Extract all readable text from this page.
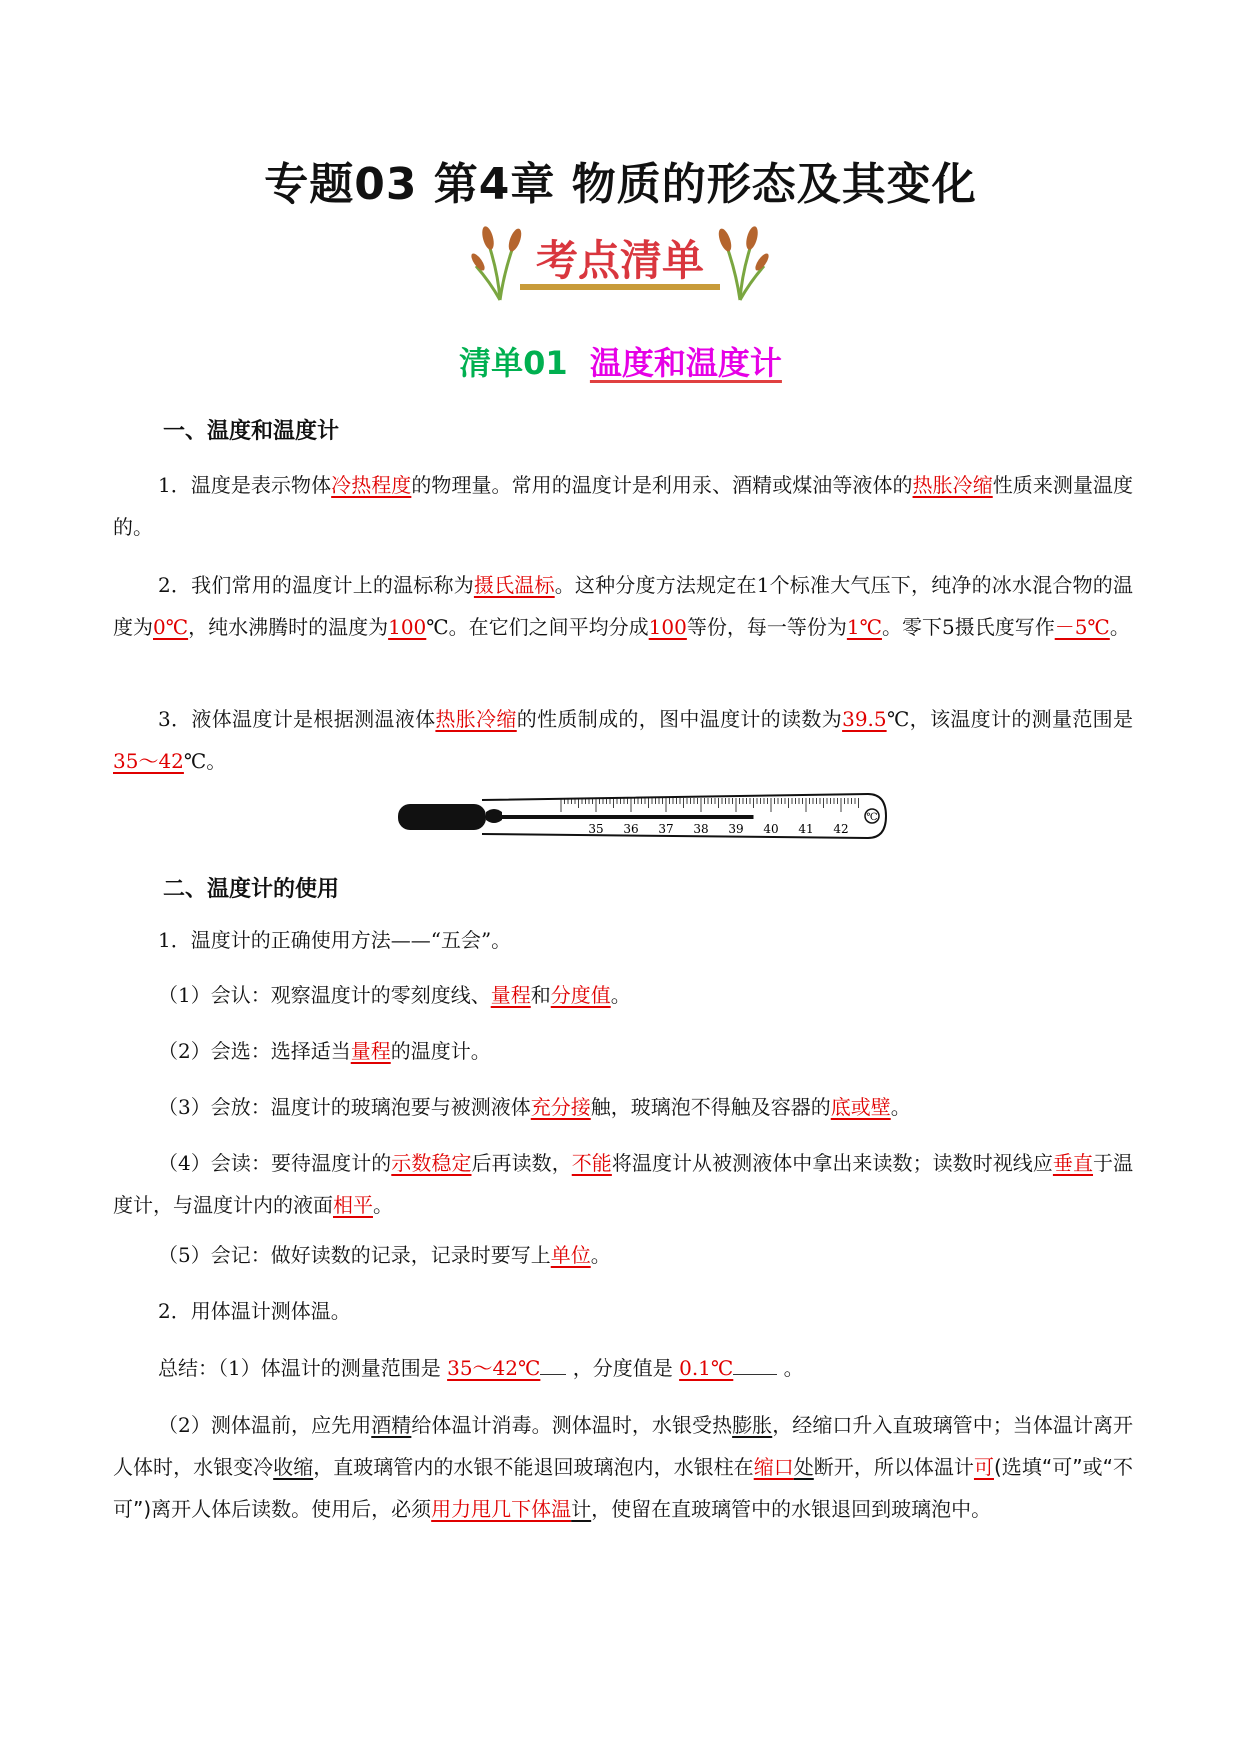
专题03 第4章 物质的形态及其变化
考点清单
清单01 温度和温度计
一、温度和温度计
1．温度是表示物体冷热程度的物理量。常用的温度计是利用汞、酒精或煤油等液体的热胀冷缩性质来测量温度的。
2．我们常用的温度计上的温标称为摄氏温标。这种分度方法规定在1个标准大气压下，纯净的冰水混合物的温度为0℃，纯水沸腾时的温度为100℃。在它们之间平均分成100等份，每一等份为1℃。零下5摄氏度写作－5℃。
3．液体温度计是根据测温液体热胀冷缩的性质制成的，图中温度计的读数为39.5℃，该温度计的测量范围是35～42℃。
35 36 37 38 39 40 41 42
℃
二、温度计的使用
1．温度计的正确使用方法——“五会”。
（1）会认：观察温度计的零刻度线、量程和分度值。
（2）会选：选择适当量程的温度计。
（3）会放：温度计的玻璃泡要与被测液体充分接触，玻璃泡不得触及容器的底或壁。
（4）会读：要待温度计的示数稳定后再读数，不能将温度计从被测液体中拿出来读数；读数时视线应垂直于温度计，与温度计内的液面相平。
（5）会记：做好读数的记录，记录时要写上单位。
2．用体温计测体温。
总结：（1）体温计的测量范围是 35～42℃ ，分度值是 0.1℃ 。
（2）测体温前，应先用酒精给体温计消毒。测体温时，水银受热膨胀，经缩口升入直玻璃管中；当体温计离开人体时，水银变冷收缩，直玻璃管内的水银不能退回玻璃泡内，水银柱在缩口处断开，所以体温计可(选填“可”或“不可”)离开人体后读数。使用后，必须用力甩几下体温计，使留在直玻璃管中的水银退回到玻璃泡中。
